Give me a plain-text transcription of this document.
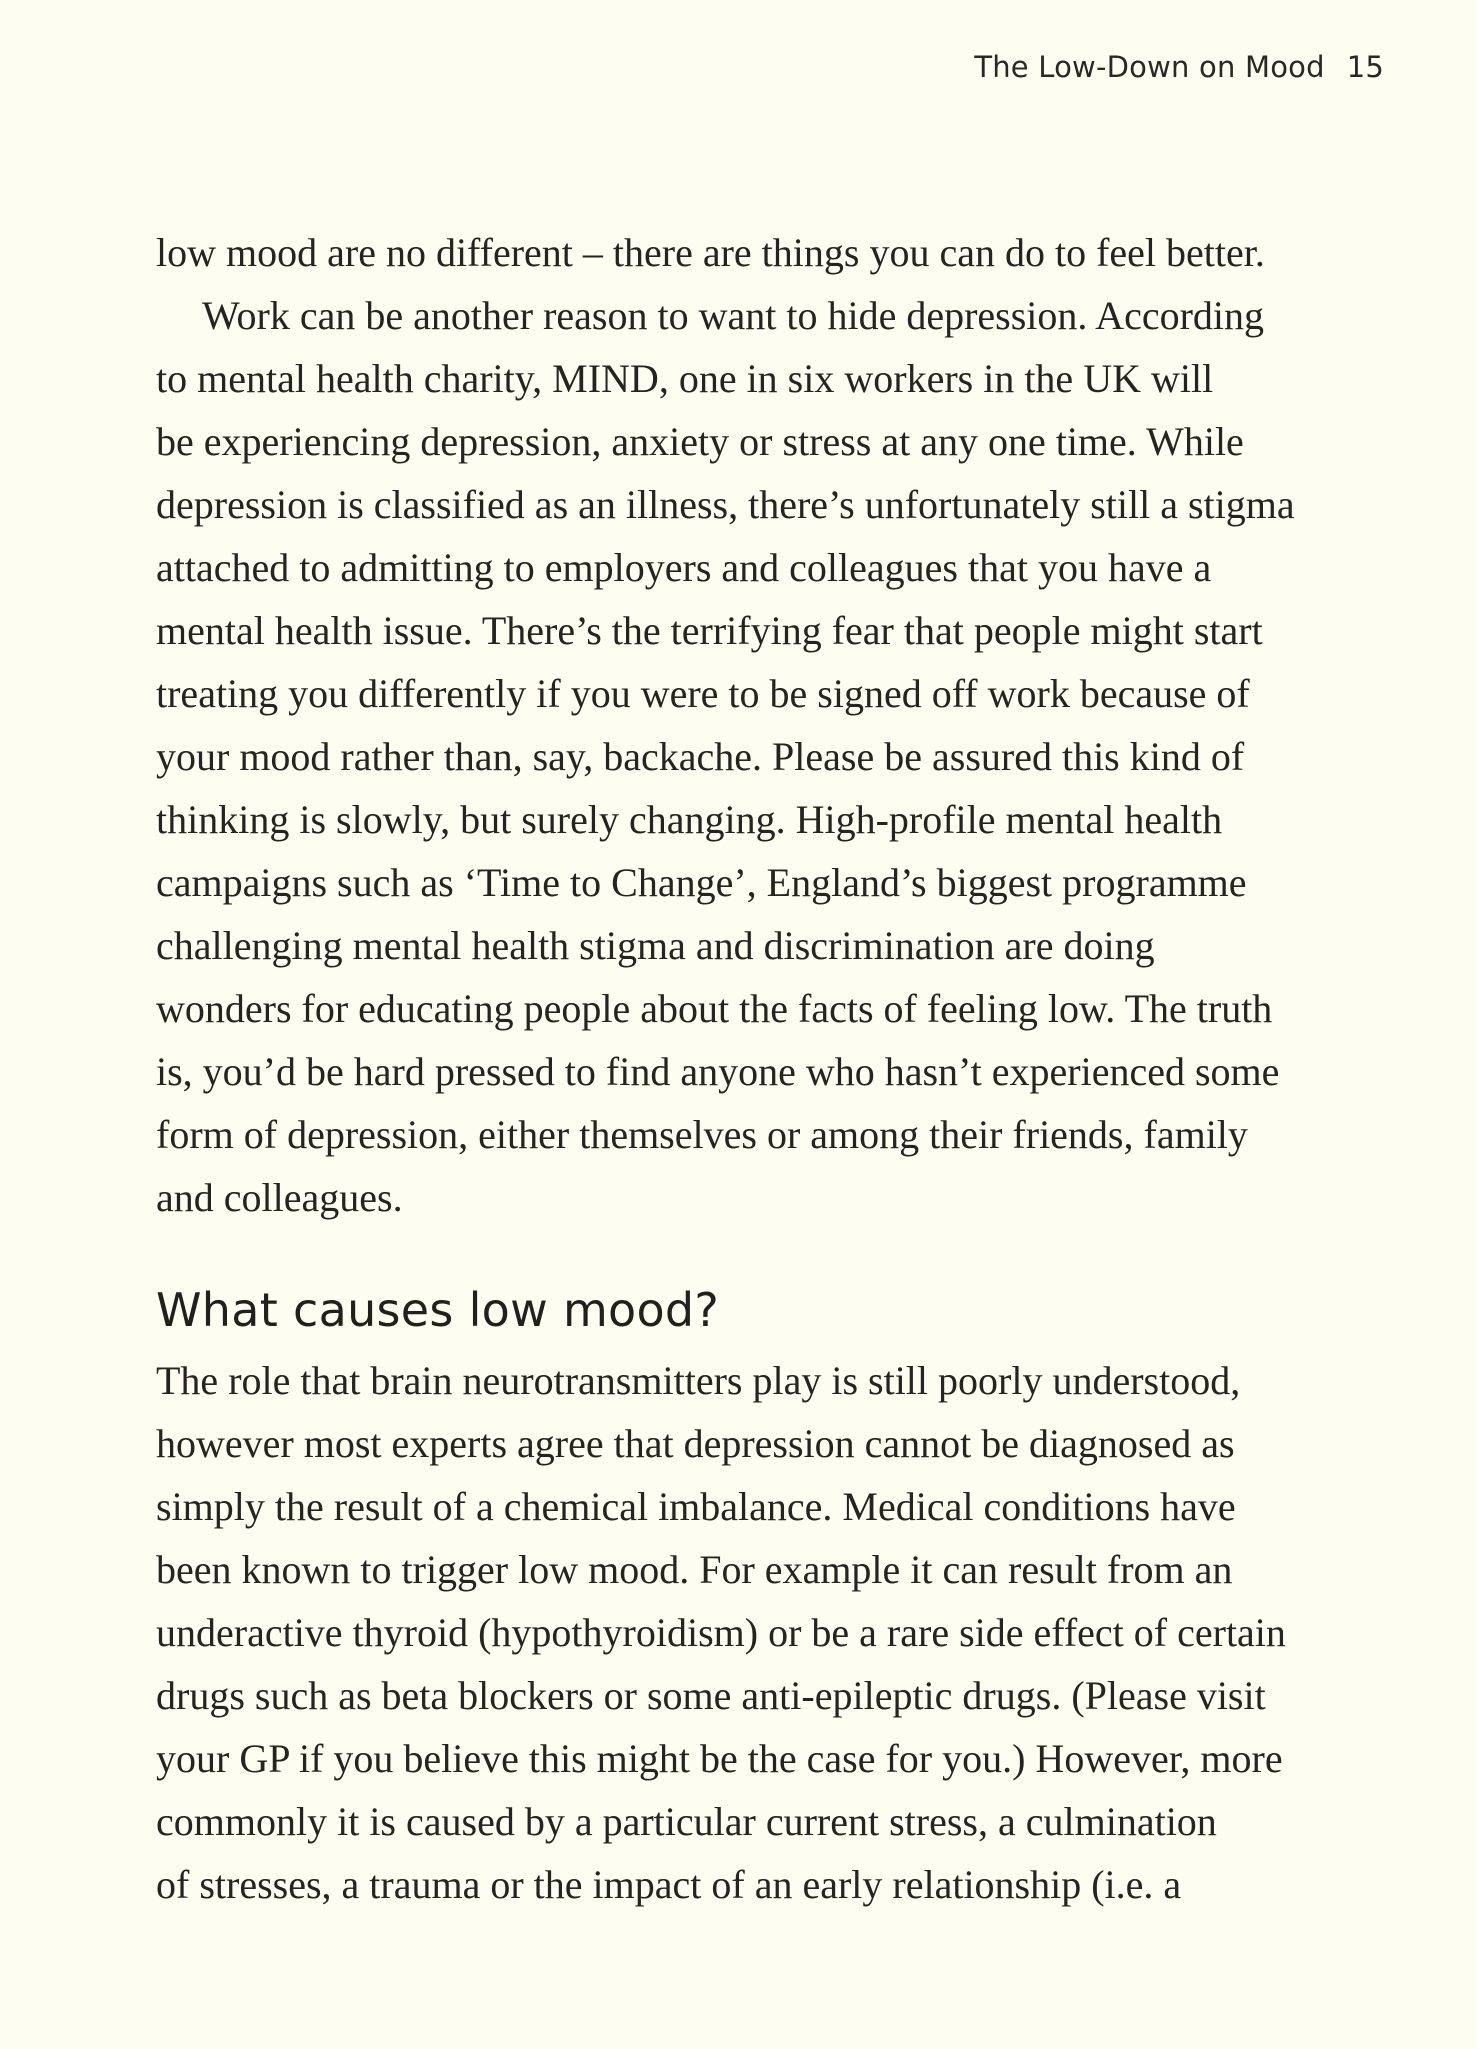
The Low-Down on Mood 15
low mood are no different – there are things you can do to feel better.
Work can be another reason to want to hide depression. According
to mental health charity, MIND, one in six workers in the UK will
be experiencing depression, anxiety or stress at any one time. While
depression is classified as an illness, there’s unfortunately still a stigma
attached to admitting to employers and colleagues that you have a
mental health issue. There’s the terrifying fear that people might start
treating you differently if you were to be signed off work because of
your mood rather than, say, backache. Please be assured this kind of
thinking is slowly, but surely changing. High-profile mental health
campaigns such as ‘Time to Change’, England’s biggest programme
challenging mental health stigma and discrimination are doing
wonders for educating people about the facts of feeling low. The truth
is, you’d be hard pressed to find anyone who hasn’t experienced some
form of depression, either themselves or among their friends, family
and colleagues.
What causes low mood?
The role that brain neurotransmitters play is still poorly understood,
however most experts agree that depression cannot be diagnosed as
simply the result of a chemical imbalance. Medical conditions have
been known to trigger low mood. For example it can result from an
underactive thyroid (hypothyroidism) or be a rare side effect of certain
drugs such as beta blockers or some anti-epileptic drugs. (Please visit
your GP if you believe this might be the case for you.) However, more
commonly it is caused by a particular current stress, a culmination
of stresses, a trauma or the impact of an early relationship (i.e. a
